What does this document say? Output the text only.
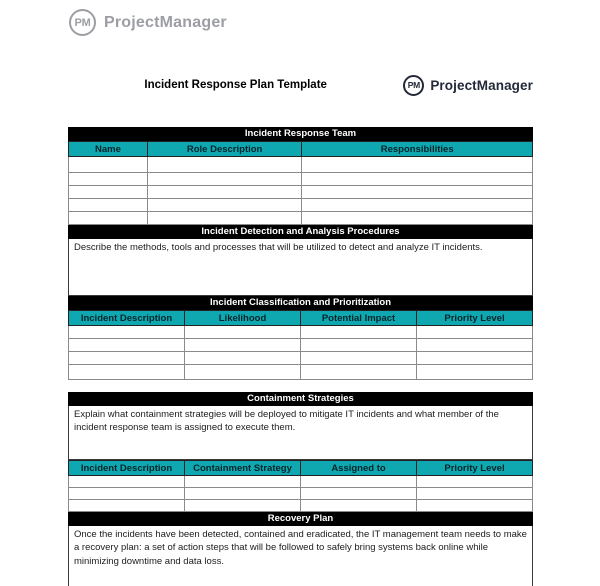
PM ProjectManager
Incident Response Plan Template	PM ProjectManager
Incident Response Team
Name	Role Description	Responsibilities

Incident Detection and Analysis Procedures
Describe the methods, tools and processes that will be utilized to detect and analyze IT incidents.
Incident Classification and Prioritization
Incident Description	Likelihood	Potential Impact	Priority Level

Containment Strategies
Explain what containment strategies will be deployed to mitigate IT incidents and what member of the incident response team is assigned to execute them.
Incident Description	Containment Strategy	Assigned to	Priority Level

Recovery Plan
Once the incidents have been detected, contained and eradicated, the IT management team needs to make a recovery plan: a set of action steps that will be followed to safely bring systems back online while minimizing downtime and data loss.
